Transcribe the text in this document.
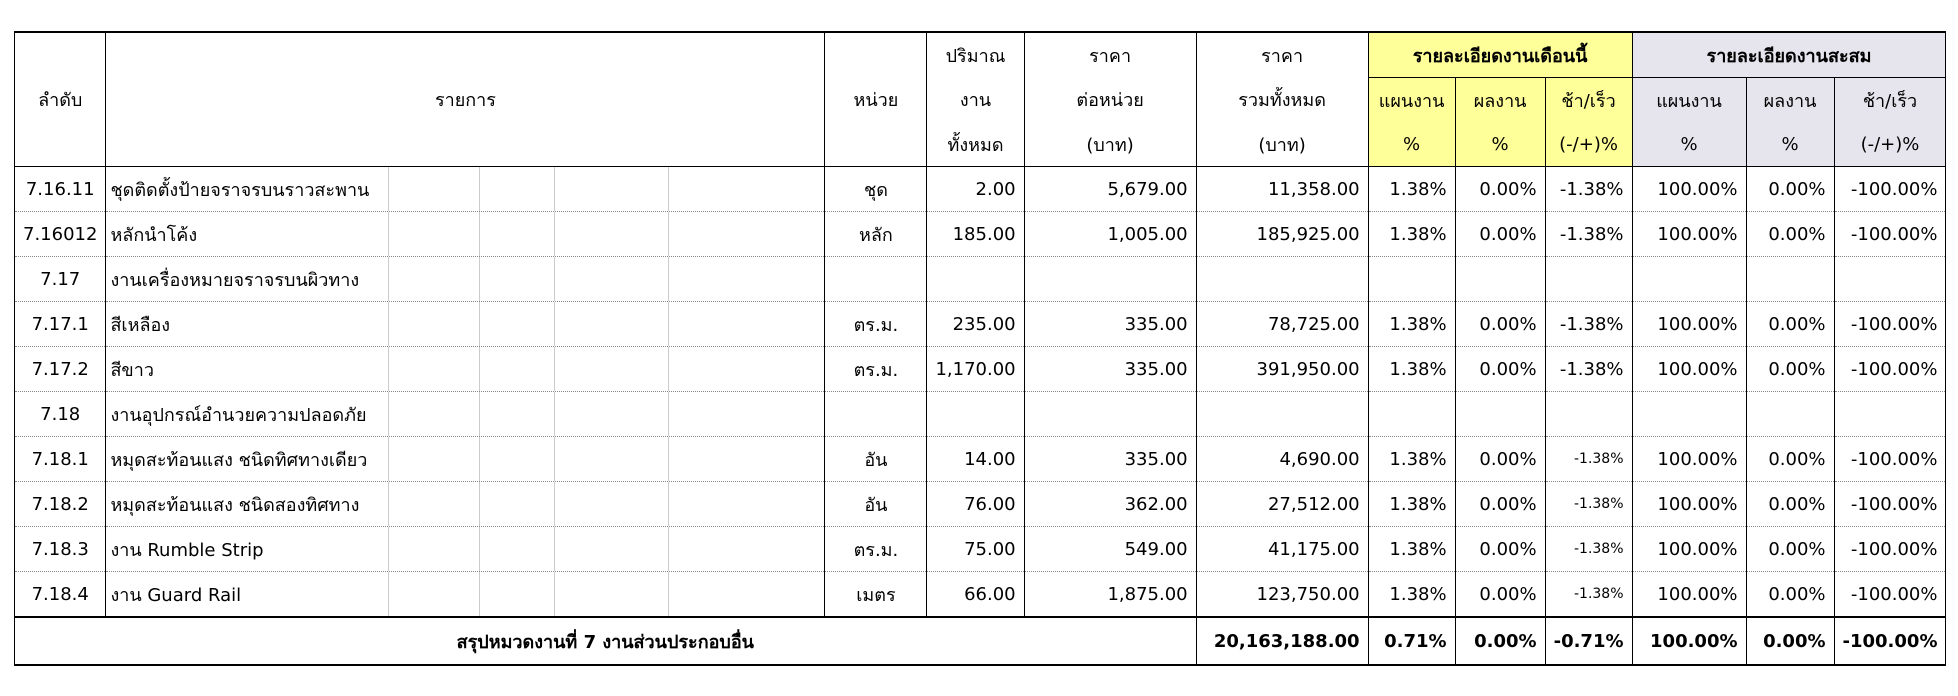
ลำดับ	รายการ	หน่วย	ปริมาณ	ราคา	ราคา	รายละเอียดงานเดือนนี้			รายละเอียดงานสะสม		
			งาน	ต่อหน่วย	รวมทั้งหมด	แผนงาน	ผลงาน	ช้า/เร็ว	แผนงาน	ผลงาน	ช้า/เร็ว
			ทั้งหมด	(บาท)	(บาท)	%	%	(-/+)%	%	%	(-/+)%
7.16.11	ชุดติดตั้งป้ายจราจรบนราวสะพาน	ชุด	2.00	5,679.00	11,358.00	1.38%	0.00%	-1.38%	100.00%	0.00%	-100.00%
7.16012	หลักนำโค้ง	หลัก	185.00	1,005.00	185,925.00	1.38%	0.00%	-1.38%	100.00%	0.00%	-100.00%
7.17	งานเครื่องหมายจราจรบนผิวทาง

7.17.1	สีเหลือง	ตร.ม.	235.00	335.00	78,725.00	1.38%	0.00%	-1.38%	100.00%	0.00%	-100.00%
7.17.2	สีขาว	ตร.ม.	1,170.00	335.00	391,950.00	1.38%	0.00%	-1.38%	100.00%	0.00%	-100.00%
7.18	งานอุปกรณ์อำนวยความปลอดภัย

7.18.1	หมุดสะท้อนแสง ชนิดทิศทางเดียว	อัน	14.00	335.00	4,690.00	1.38%	0.00%	-1.38%	100.00%	0.00%	-100.00%
7.18.2	หมุดสะท้อนแสง ชนิดสองทิศทาง	อัน	76.00	362.00	27,512.00	1.38%	0.00%	-1.38%	100.00%	0.00%	-100.00%
7.18.3	งาน Rumble Strip	ตร.ม.	75.00	549.00	41,175.00	1.38%	0.00%	-1.38%	100.00%	0.00%	-100.00%
7.18.4	งาน Guard Rail	เมตร	66.00	1,875.00	123,750.00	1.38%	0.00%	-1.38%	100.00%	0.00%	-100.00%
สรุปหมวดงานที่ 7 งานส่วนประกอบอื่น					20,163,188.00	0.71%	0.00%	-0.71%	100.00%	0.00%	-100.00%
